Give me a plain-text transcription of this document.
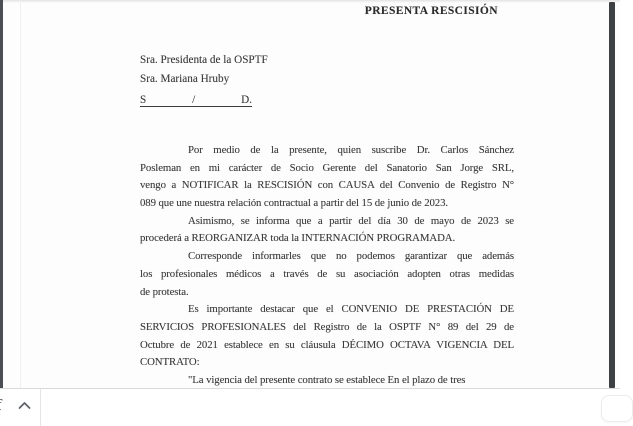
PRESENTA RESCISIÓN
Sra. Presidenta de la OSPTF
Sra. Mariana Hruby
S	/	D.
Por medio de la presente, quien suscribe Dr. Carlos Sánchez
Posleman en mi carácter de Socio Gerente del Sanatorio San Jorge SRL,
vengo a NOTIFICAR la RESCISIÓN con CAUSA del Convenio de Registro N°
089 que une nuestra relación contractual a partir del 15 de junio de 2023.
Asimismo, se informa que a partir del día 30 de mayo de 2023 se
procederá a REORGANIZAR toda la INTERNACIÓN PROGRAMADA.
Corresponde informarles que no podemos garantizar que además
los profesionales médicos a través de su asociación adopten otras medidas
de protesta.
Es importante destacar que el CONVENIO DE PRESTACIÓN DE
SERVICIOS PROFESIONALES del Registro de la OSPTF N° 89 del 29 de
Octubre de 2021 establece en su cláusula DÉCIMO OCTAVA VIGENCIA DEL
CONTRATO:
"La vigencia del presente contrato se establece En el plazo de tres
